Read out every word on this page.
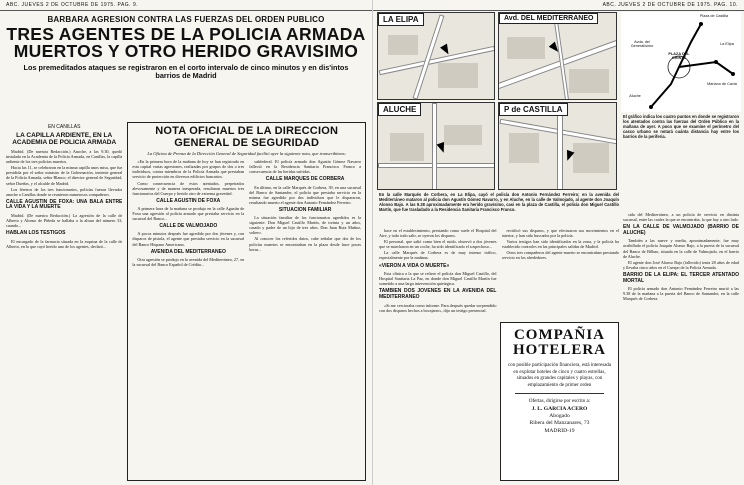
ABC. JUEVES 2 DE OCTUBRE DE 1975. PAG. 9.
BARBARA AGRESION CONTRA LAS FUERZAS DEL ORDEN PUBLICO
TRES AGENTES DE LA POLICIA ARMADA MUERTOS Y OTRO HERIDO GRAVISIMO
Los premeditados ataques se registraron en el corto intervalo de cinco minutos y en dis'intos barrios de Madrid
EN CANILLAS
LA CAPILLA ARDIENTE, EN LA ACADEMIA DE POLICIA ARMADA

Madrid. (De nuestra Redacción.) Anoche, a las 9.30, quedó instalada en la Academia de la Policía Armada, en Canillas, la capilla ardiente de los tres policías muertos.

Hacia las 11, se celebraron en la misma capilla unos misa, que fue presidida por el señor ministro de la Gobernación, teniente general de la Policía Armada, señor Blanco; el director general de Seguridad, señor Dueñas, y el alcalde de Madrid.

Los féretros de los tres funcionarios, policías fueron llevados anoche a Canillas donde se reunieron numerosos compañeros.

CALLE AGUSTIN DE FOXA: UNA BALA ENTRE LA VIDA Y LA MUERTE

Madrid. (De nuestra Redacción.) La agresión de la calle de Alberto y Alonso de Piñeda se hallaba a la altura del número 33, cuando...

HABLAN LOS TESTIGOS

El encargado de la farmacia situada en la esquina de la calle de Alberto, en la que cayó herido uno de los agentes, declaró...

NOTA OFICIAL DE LA DIRECCION GENERAL DE SEGURIDAD
La Oficina de Prensa de la Dirección General de Seguridad facilitó ayer la siguiente nota, que transcribimos:

«En la primera hora de la mañana de hoy se han registrado en esta capital varias agresiones, realizadas por grupos de dos o tres individuos, contra miembros de la Policía Armada que prestaban servicio de protección en diversos edificios bancarios.

Como consecuencia de estos atentados, perpetrados alevosamente y de manera inesperada, resultaron muertos tres funcionarios del Cuerpo y herido otro de extrema gravedad.

CALLE AGUSTIN DE FOXA

A primera hora de la mañana se produjo en la calle Agustín de Foxa una agresión al policía armado que prestaba servicio en la sucursal del Banco...

CALLE DE VALMOJADO

A pocos minutos después fue agredido por dos jóvenes y, con disparos de pistola, el agente que prestaba servicio en la sucursal del Banco Hispano Americano.

AVENIDA DEL MEDITERRANEO

Otra agresión se produjo en la avenida del Mediterráneo, 27, en la sucursal del Banco Español de Crédito...

subfederal. El policía armado don Agustín Gómez Navarro falleció en la Residencia Sanitaria Francisco Franco a consecuencia de las heridas sufridas.

CALLE MARQUES DE CORBERA

En último, en la calle Marqués de Corbera, 39, en una sucursal del Banco de Santander, el policía que prestaba servicio en la misma fue agredido por dos individuos que le dispararon, resultando muerto el agente don Antonio Fernández Ferreiro.

SITUACION FAMILIAR

La situación familiar de los funcionarios agredidos es la siguiente: Don Miguel Castillo Martín, de treinta y un años, casado y padre de un hijo de tres años. Don Juan Ruiz Muñoz, soltero.

Al conocer los referidos datos, cabe señalar que dos de los policías muertos se encontraban en la plaza desde hace pocas horas...

ABC. JUEVES 2 DE OCTUBRE DE 1975. PAG. 10.
LA ELIPA	Avd. DEL MEDITERRANEO
ALUCHE	P de CASTILLA
Plaza de Castilla
La Elipa
Avda. del Generalísimo
PLAZA DEL GRINTE
Aluche
Mariano de Cavia
En la calle Marqués de Corbera, en La Elipa, cayó el policía don Antonio Fernández Ferreiro; en la avenida del Mediterráneo mataron al policía don Agustín Gómez Navarro, y en Aluche, en la calle de Valmojado, al agente don Joaquín Alonso Bajo. A las 9.28 aproximadamente era herido gravísimo, casi en la plaza de Castilla, el policía don Miguel Castillo Martín, que fue trasladado a la Residencia Sanitaria Francisco Franco.
El gráfico indica los cuatro puntos en donde se registraron los atentados contra las fuerzas del Orden Público en la mañana de ayer. A poco que se examine el perímetro del casco urbano se notará cuánta distancia hay entre los barrios de la periferia.

hace en el establecimiento, prestando como suele el Hospital del Aire, y todo todo salir, se oyeron los disparos.

El personal, que salió como bien el ruido, observó a dos jóvenes que se marcharon en un coche, ha sido identificado el sospechoso...

La calle Marqués de Corbera es de muy intenso tráfico, especialmente por la mañana.

«VIERON A VIDA O MUERTE»

Esta clínica a la que se refiere el policía don Miguel Castillo, del Hospital Sanitaria La Paz, en donde don Miguel Castillo Martín fue sometido a una larga intervención quirúrgica.

TAMBIEN DOS JOVENES EN LA AVENIDA DEL MEDITERRANEO

«Si me cercioraba como informe. Para después quedar sorprendido con dos disparos hechos a bocajarro», dijo un testigo presencial.

rectificó sus disparos, y que efectuaron sus movimientos en el interior, y han sido buscados por la policía.

Varios testigos han sido identificados en la zona, y la policía ha establecido controles en las principales salidas de Madrid.

Otros tres compañeros del agente muerto se encontraban prestando servicio en los alrededores.

COMPAÑIA HOTELERA
con posible participación financiera, está interesada en explotar hoteles de cinco y cuatro estrellas, situados en grandes capitales y playas, con emplazamiento de primer orden
Ofertas, dirigirse por escrito a:
J. L. GARCIA ACERO
Abogado
Ribera del Manzanares, 73
MADRID-19

sida del Mediterráneo, a un policía de servicio en distinta sucursal, entre las cuales la que se encontraba, la que hay a otro lado.

EN LA CALLE DE VALMOJADO (BARRIO DE ALUCHE)

También a las nueve y media, aproximadamente, fue muy acribillado el policía Joaquín Alonso Bajo, a la puerta de la sucursal del Banco de Bilbao, situada en la calle de Valmojado, en el barrio de Aluche.

El agente don José Alonso Bajo (fallecido) tenía 28 años de edad y llevaba cinco años en el Cuerpo de la Policía Armada.

BARRIO DE LA ELIPA: EL TERCER ATENTADO MORTAL

El policía armado don Antonio Fernández Ferreiro murió a las 9.38 de la mañana a la puerta del Banco de Santander, en la calle Marqués de Corbera.
